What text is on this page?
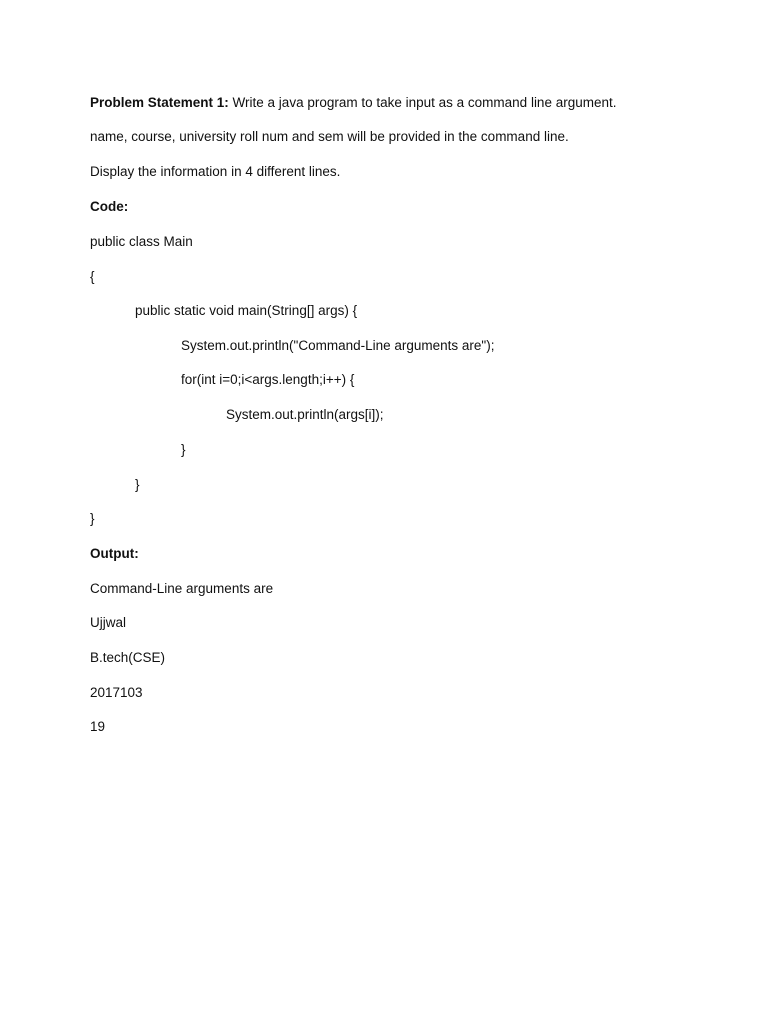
Problem Statement 1: Write a java program to take input as a command line argument.
name, course, university roll num and sem will be provided in the command line.
Display the information in 4 different lines.
Code:
public class Main
{
public static void main(String[] args) {
System.out.println("Command-Line arguments are");
for(int i=0;i<args.length;i++) {
System.out.println(args[i]);
}
}
}
Output:
Command-Line arguments are
Ujjwal
B.tech(CSE)
2017103
19
